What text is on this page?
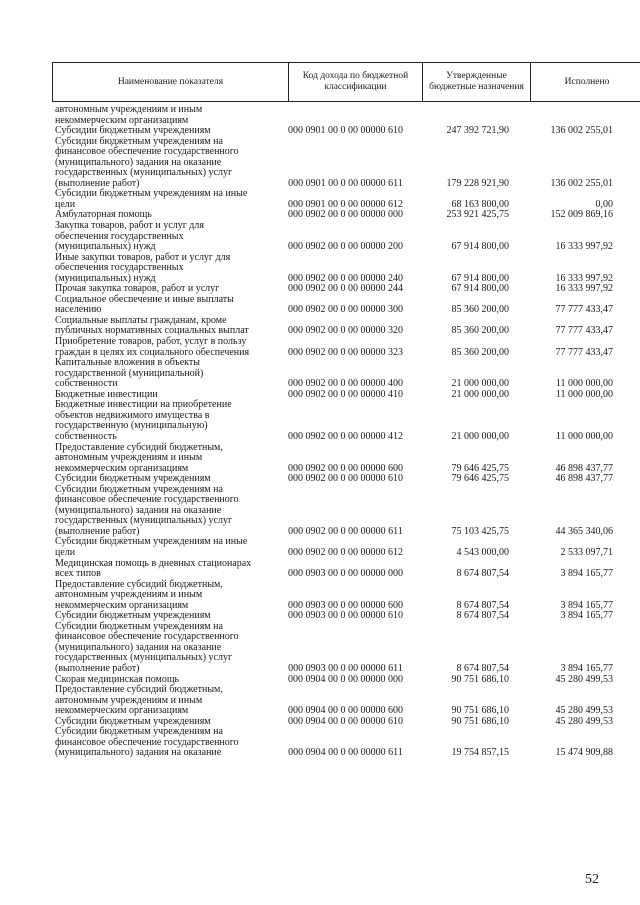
Наименование показателя	Код дохода по бюджетной классификации	Утвержденные бюджетные назначения	Исполнено
автономным учреждениям и иным
некоммерческим организациям
Субсидии бюджетным учреждениям	000 0901 00 0 00 00000 610	247 392 721,90	136 002 255,01
Субсидии бюджетным учреждениям на
финансовое обеспечение государственного
(муниципального) задания на оказание
государственных (муниципальных) услуг
(выполнение работ)	000 0901 00 0 00 00000 611	179 228 921,90	136 002 255,01
Субсидии бюджетным учреждениям на иные
цели	000 0901 00 0 00 00000 612	68 163 800,00	0,00
Амбулаторная помощь	000 0902 00 0 00 00000 000	253 921 425,75	152 009 869,16
Закупка товаров, работ и услуг для
обеспечения государственных
(муниципальных) нужд	000 0902 00 0 00 00000 200	67 914 800,00	16 333 997,92
Иные закупки товаров, работ и услуг для
обеспечения государственных
(муниципальных) нужд	000 0902 00 0 00 00000 240	67 914 800,00	16 333 997,92
Прочая закупка товаров, работ и услуг	000 0902 00 0 00 00000 244	67 914 800,00	16 333 997,92
Социальное обеспечение и иные выплаты
населению	000 0902 00 0 00 00000 300	85 360 200,00	77 777 433,47
Социальные выплаты гражданам, кроме
публичных нормативных социальных выплат	000 0902 00 0 00 00000 320	85 360 200,00	77 777 433,47
Приобретение товаров, работ, услуг в пользу
граждан в целях их социального обеспечения	000 0902 00 0 00 00000 323	85 360 200,00	77 777 433,47
Капитальные вложения в объекты
государственной (муниципальной)
собственности	000 0902 00 0 00 00000 400	21 000 000,00	11 000 000,00
Бюджетные инвестиции	000 0902 00 0 00 00000 410	21 000 000,00	11 000 000,00
Бюджетные инвестиции на приобретение
объектов недвижимого имущества в
государственную (муниципальную)
собственность	000 0902 00 0 00 00000 412	21 000 000,00	11 000 000,00
Предоставление субсидий бюджетным,
автономным учреждениям и иным
некоммерческим организациям	000 0902 00 0 00 00000 600	79 646 425,75	46 898 437,77
Субсидии бюджетным учреждениям	000 0902 00 0 00 00000 610	79 646 425,75	46 898 437,77
Субсидии бюджетным учреждениям на
финансовое обеспечение государственного
(муниципального) задания на оказание
государственных (муниципальных) услуг
(выполнение работ)	000 0902 00 0 00 00000 611	75 103 425,75	44 365 340,06
Субсидии бюджетным учреждениям на иные
цели	000 0902 00 0 00 00000 612	4 543 000,00	2 533 097,71
Медицинская помощь в дневных стационарах
всех типов	000 0903 00 0 00 00000 000	8 674 807,54	3 894 165,77
Предоставление субсидий бюджетным,
автономным учреждениям и иным
некоммерческим организациям	000 0903 00 0 00 00000 600	8 674 807,54	3 894 165,77
Субсидии бюджетным учреждениям	000 0903 00 0 00 00000 610	8 674 807,54	3 894 165,77
Субсидии бюджетным учреждениям на
финансовое обеспечение государственного
(муниципального) задания на оказание
государственных (муниципальных) услуг
(выполнение работ)	000 0903 00 0 00 00000 611	8 674 807,54	3 894 165,77
Скорая медицинская помощь	000 0904 00 0 00 00000 000	90 751 686,10	45 280 499,53
Предоставление субсидий бюджетным,
автономным учреждениям и иным
некоммерческим организациям	000 0904 00 0 00 00000 600	90 751 686,10	45 280 499,53
Субсидии бюджетным учреждениям	000 0904 00 0 00 00000 610	90 751 686,10	45 280 499,53
Субсидии бюджетным учреждениям на
финансовое обеспечение государственного
(муниципального) задания на оказание	000 0904 00 0 00 00000 611	19 754 857,15	15 474 909,88
52
